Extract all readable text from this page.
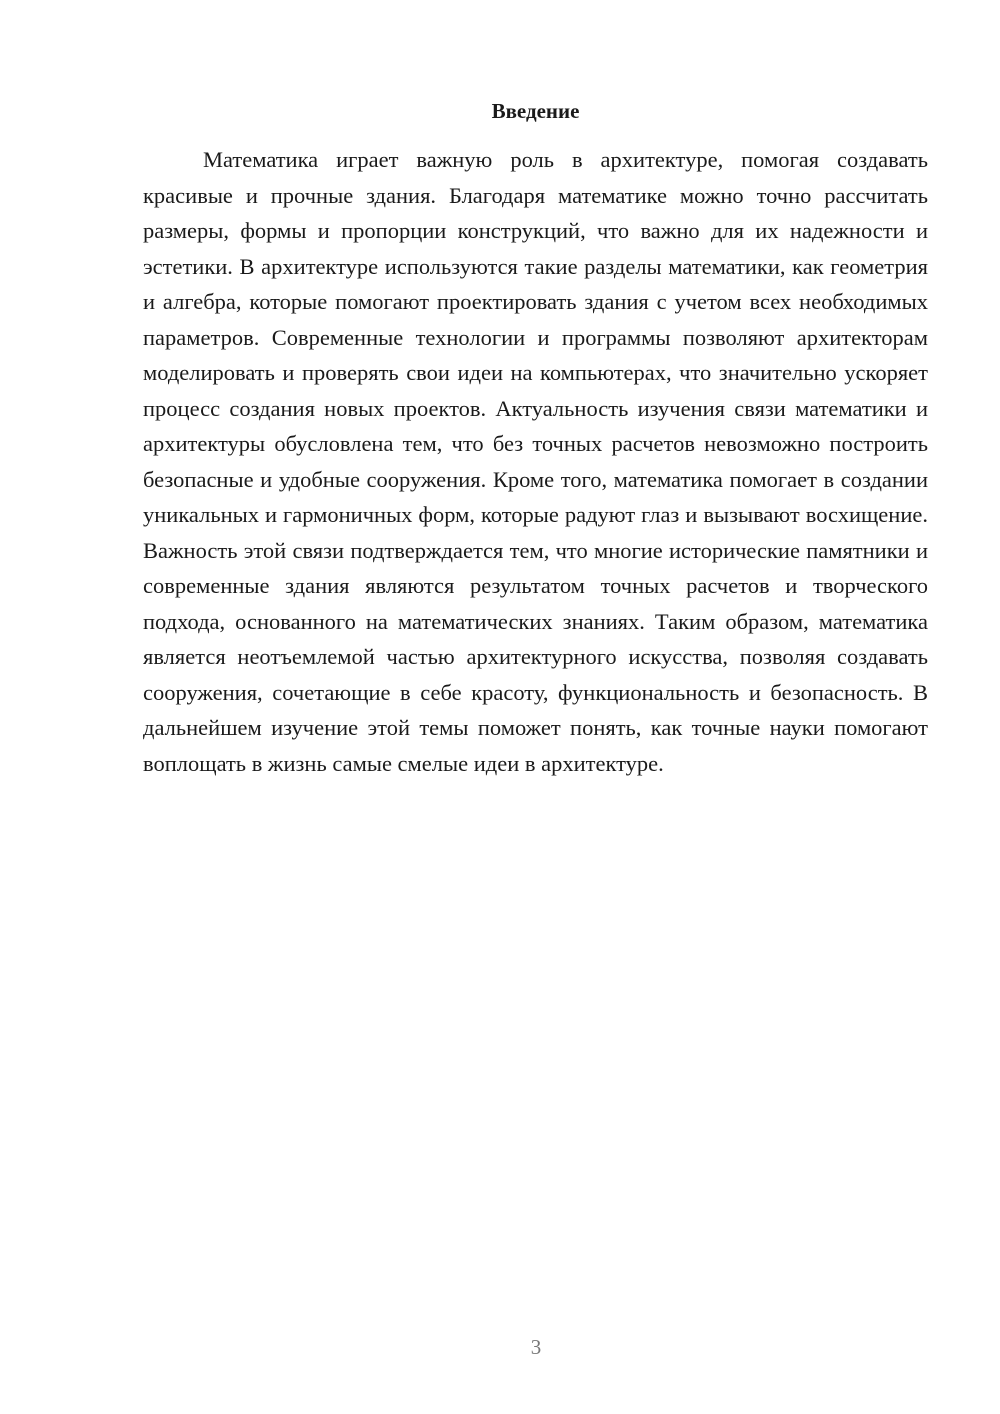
Введение

Математика играет важную роль в архитектуре, помогая создавать красивые и прочные здания. Благодаря математике можно точно рассчитать размеры, формы и пропорции конструкций, что важно для их надежности и эстетики. В архитектуре используются такие разделы математики, как геометрия и алгебра, которые помогают проектировать здания с учетом всех необходимых параметров. Современные технологии и программы позволяют архитекторам моделировать и проверять свои идеи на компьютерах, что значительно ускоряет процесс создания новых проектов. Актуальность изучения связи математики и архитектуры обусловлена тем, что без точных расчетов невозможно построить безопасные и удобные сооружения. Кроме того, математика помогает в создании уникальных и гармоничных форм, которые радуют глаз и вызывают восхищение. Важность этой связи подтверждается тем, что многие исторические памятники и современные здания являются результатом точных расчетов и творческого подхода, основанного на математических знаниях. Таким образом, математика является неотъемлемой частью архитектурного искусства, позволяя создавать сооружения, сочетающие в себе красоту, функциональность и безопасность. В дальнейшем изучение этой темы поможет понять, как точные науки помогают воплощать в жизнь самые смелые идеи в архитектуре.

3
